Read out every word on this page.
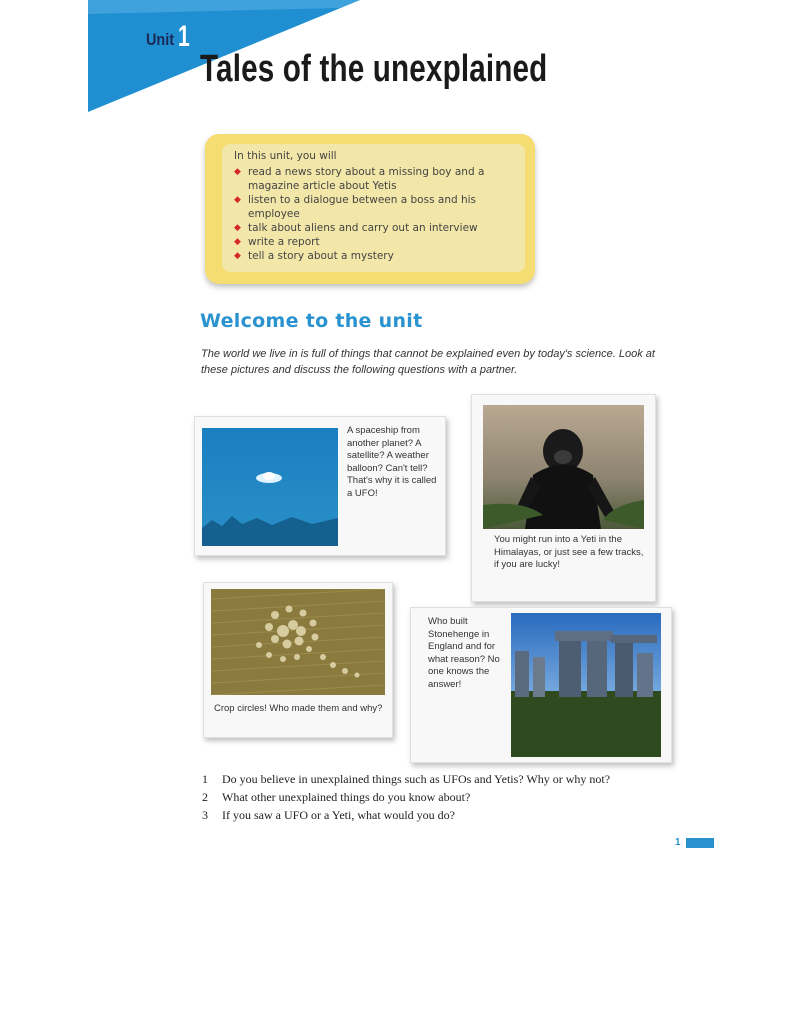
Unit 1
Tales of the unexplained
In this unit, you will
◆ read a news story about a missing boy and a magazine article about Yetis
◆ listen to a dialogue between a boss and his employee
◆ talk about aliens and carry out an interview
◆ write a report
◆ tell a story about a mystery
Welcome to the unit
The world we live in is full of things that cannot be explained even by today's science. Look at these pictures and discuss the following questions with a partner.
A spaceship from another planet? A satellite? A weather balloon? Can't tell? That's why it is called a UFO!
You might run into a Yeti in the Himalayas, or just see a few tracks, if you are lucky!
Crop circles! Who made them and why?
Who built Stonehenge in England and for what reason? No one knows the answer!
1 Do you believe in unexplained things such as UFOs and Yetis? Why or why not?
2 What other unexplained things do you know about?
3 If you saw a UFO or a Yeti, what would you do?
1
